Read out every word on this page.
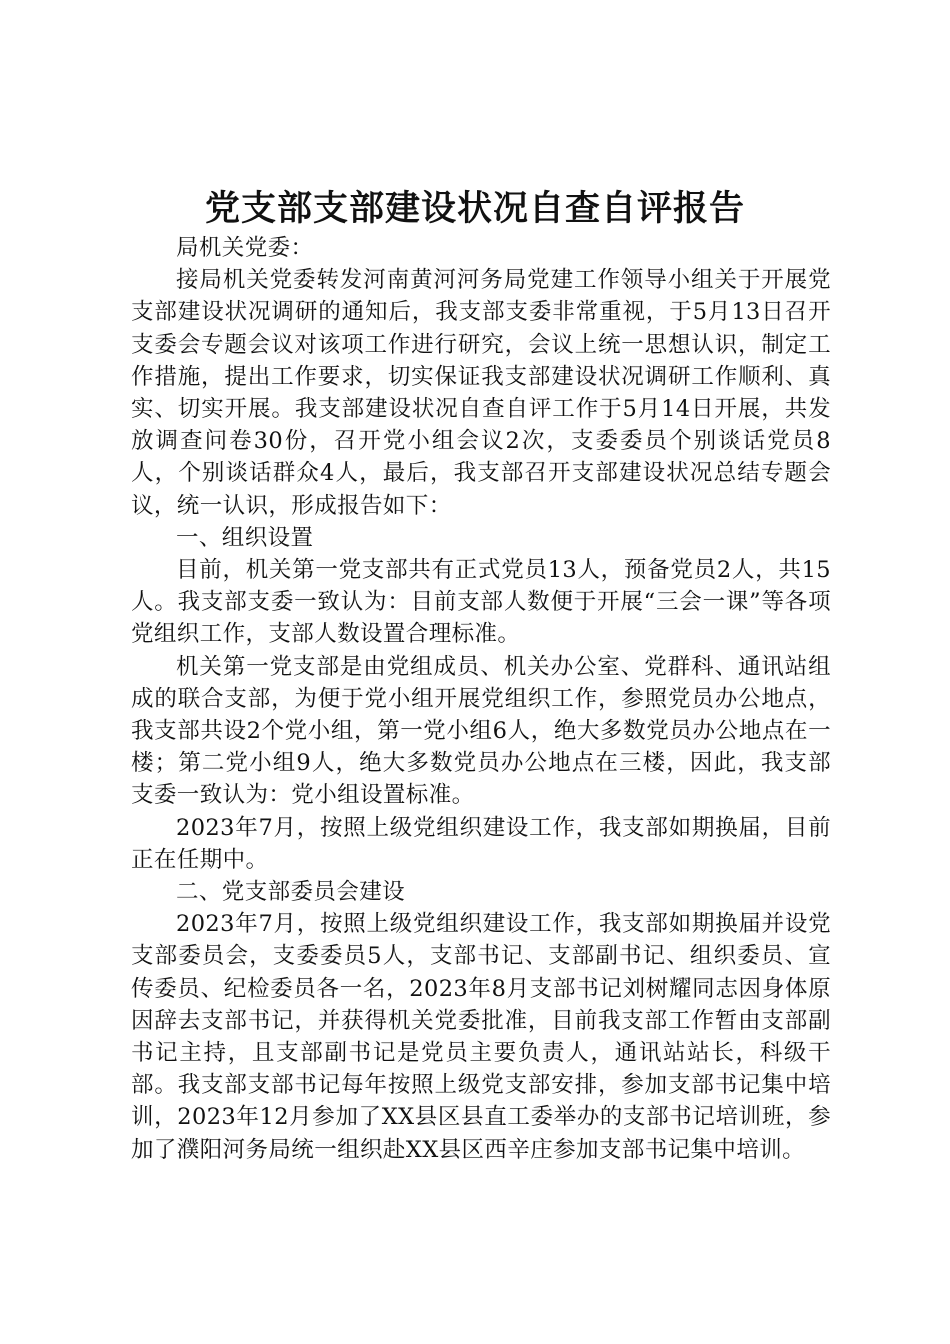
党支部支部建设状况自查自评报告

局机关党委：

接局机关党委转发河南黄河河务局党建工作领导小组关于开展党支部建设状况调研的通知后，我支部支委非常重视，于5月13日召开支委会专题会议对该项工作进行研究，会议上统一思想认识，制定工作措施，提出工作要求，切实保证我支部建设状况调研工作顺利、真实、切实开展。我支部建设状况自查自评工作于5月14日开展，共发放调查问卷30份，召开党小组会议2次，支委委员个别谈话党员8人，个别谈话群众4人，最后，我支部召开支部建设状况总结专题会议，统一认识，形成报告如下：

一、组织设置

目前，机关第一党支部共有正式党员13人，预备党员2人，共15人。我支部支委一致认为：目前支部人数便于开展“三会一课”等各项党组织工作，支部人数设置合理标准。

机关第一党支部是由党组成员、机关办公室、党群科、通讯站组成的联合支部，为便于党小组开展党组织工作，参照党员办公地点，我支部共设2个党小组，第一党小组6人，绝大多数党员办公地点在一楼；第二党小组9人，绝大多数党员办公地点在三楼，因此，我支部支委一致认为：党小组设置标准。

2023年7月，按照上级党组织建设工作，我支部如期换届，目前正在任期中。

二、党支部委员会建设

2023年7月，按照上级党组织建设工作，我支部如期换届并设党支部委员会，支委委员5人，支部书记、支部副书记、组织委员、宣传委员、纪检委员各一名，2023年8月支部书记刘树耀同志因身体原因辞去支部书记，并获得机关党委批准，目前我支部工作暂由支部副书记主持，且支部副书记是党员主要负责人，通讯站站长，科级干部。我支部支部书记每年按照上级党支部安排，参加支部书记集中培训，2023年12月参加了XX县区县直工委举办的支部书记培训班，参加了濮阳河务局统一组织赴XX县区西辛庄参加支部书记集中培训。
